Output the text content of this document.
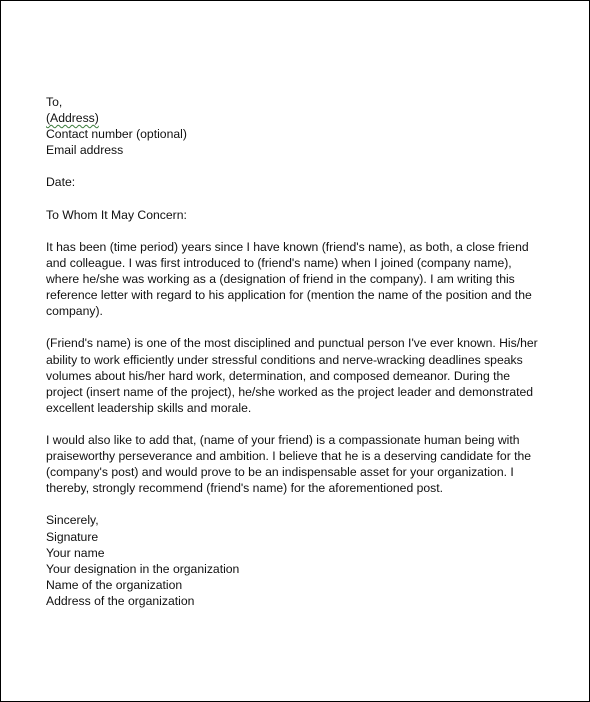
To,
(Address)
Contact number (optional)
Email address
Date:
To Whom It May Concern:
It has been (time period) years since I have known (friend's name), as both, a close friend
and colleague. I was first introduced to (friend's name) when I joined (company name),
where he/she was working as a (designation of friend in the company). I am writing this
reference letter with regard to his application for (mention the name of the position and the
company).
(Friend's name) is one of the most disciplined and punctual person I've ever known. His/her
ability to work efficiently under stressful conditions and nerve-wracking deadlines speaks
volumes about his/her hard work, determination, and composed demeanor. During the
project (insert name of the project), he/she worked as the project leader and demonstrated
excellent leadership skills and morale.
I would also like to add that, (name of your friend) is a compassionate human being with
praiseworthy perseverance and ambition. I believe that he is a deserving candidate for the
(company's post) and would prove to be an indispensable asset for your organization. I
thereby, strongly recommend (friend's name) for the aforementioned post.
Sincerely,
Signature
Your name
Your designation in the organization
Name of the organization
Address of the organization
